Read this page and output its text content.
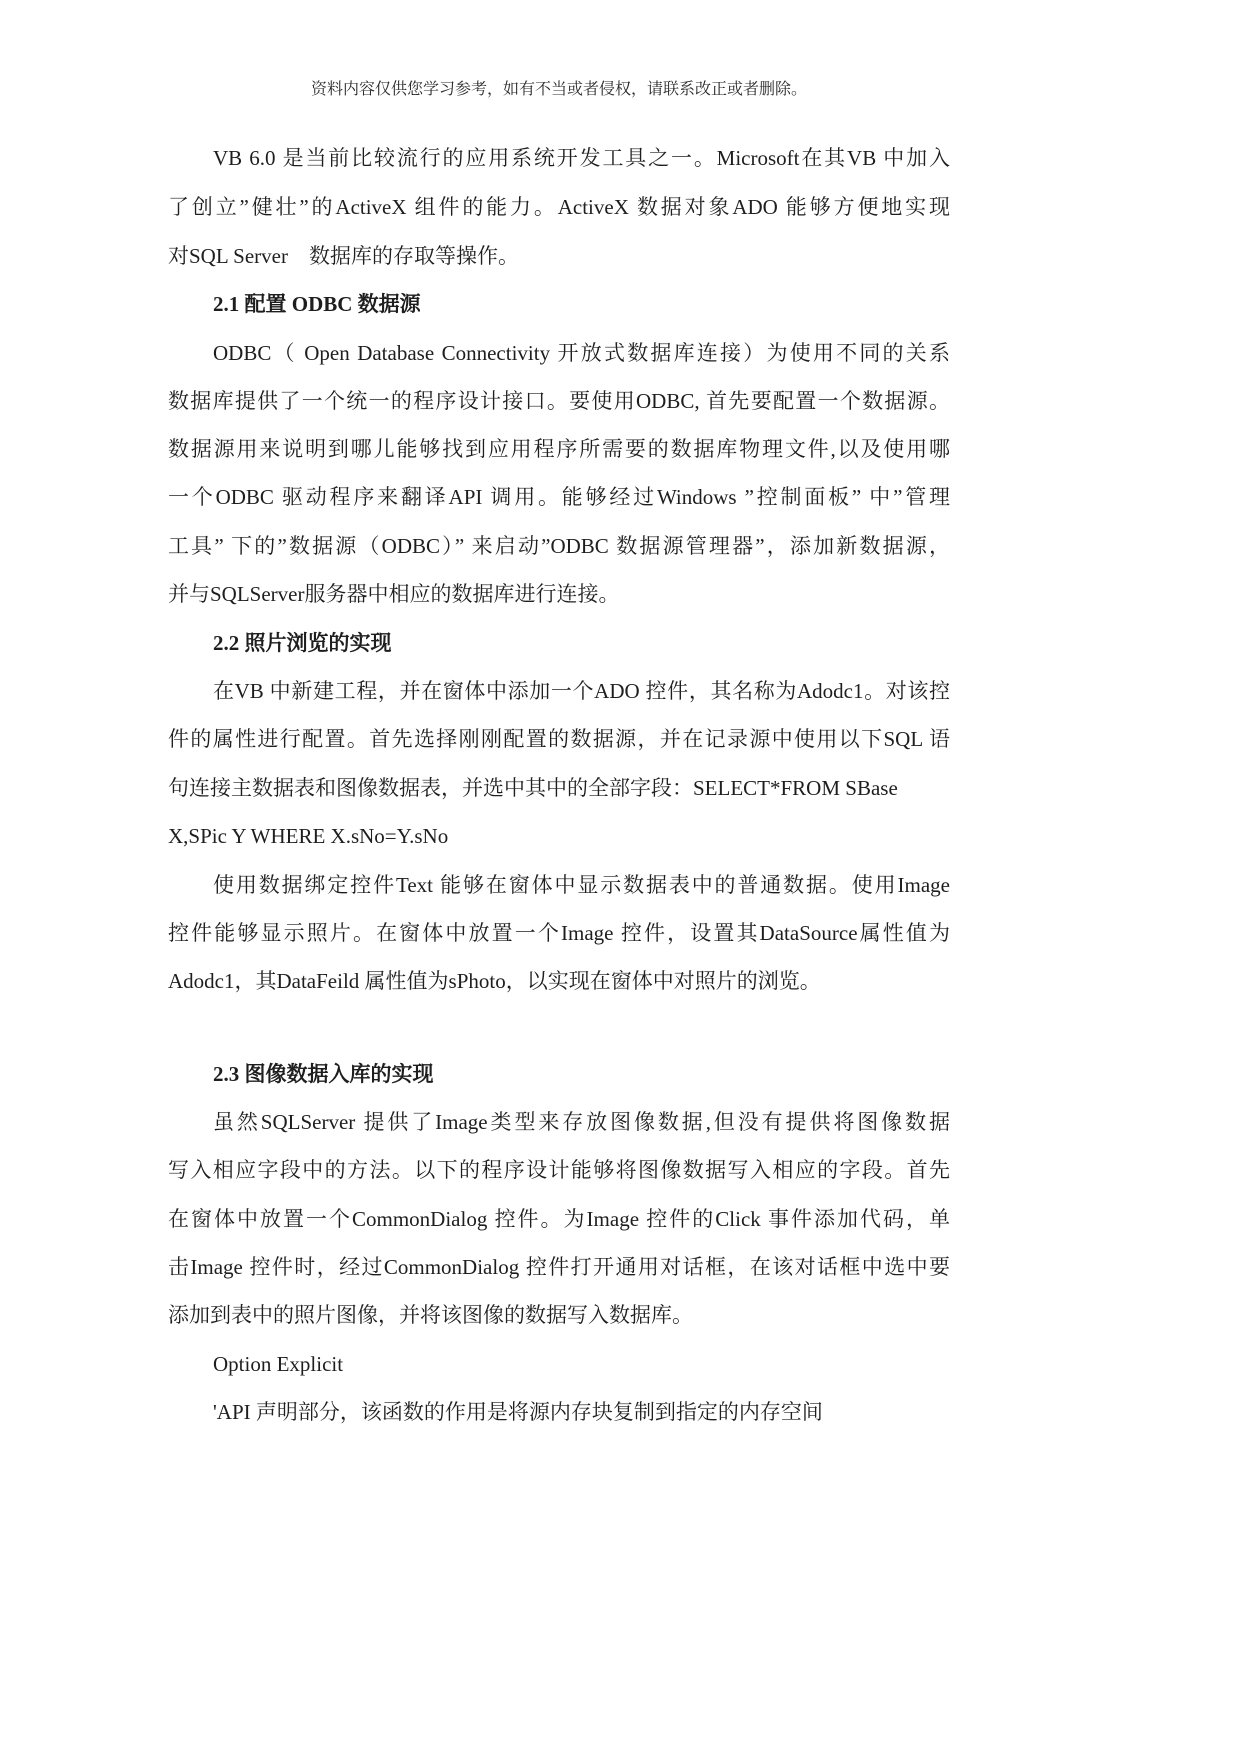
资料内容仅供您学习参考，如有不当或者侵权，请联系改正或者删除。
VB 6.0 是当前比较流行的应用系统开发工具之一。Microsoft在其VB 中加入
了创立”健壮”的ActiveX 组件的能力。ActiveX 数据对象ADO 能够方便地实现
对SQL Server    数据库的存取等操作。
2.1 配置 ODBC 数据源
ODBC（ Open Database Connectivity 开放式数据库连接）为使用不同的关系
数据库提供了一个统一的程序设计接口。要使用ODBC, 首先要配置一个数据源。
数据源用来说明到哪儿能够找到应用程序所需要的数据库物理文件,以及使用哪
一个ODBC 驱动程序来翻译API 调用。能够经过Windows ”控制面板” 中”管理
工具” 下的”数据源（ODBC）” 来启动”ODBC 数据源管理器”，添加新数据源，
并与SQLServer服务器中相应的数据库进行连接。
2.2 照片浏览的实现
在VB 中新建工程，并在窗体中添加一个ADO 控件，其名称为Adodc1。对该控
件的属性进行配置。首先选择刚刚配置的数据源，并在记录源中使用以下SQL 语
句连接主数据表和图像数据表，并选中其中的全部字段：SELECT*FROM SBase
X,SPic Y WHERE X.sNo=Y.sNo
使用数据绑定控件Text 能够在窗体中显示数据表中的普通数据。使用Image
控件能够显示照片。在窗体中放置一个Image 控件，设置其DataSource属性值为
Adodc1，其DataFeild 属性值为sPhoto，以实现在窗体中对照片的浏览。
2.3 图像数据入库的实现
虽然SQLServer 提供了Image类型来存放图像数据,但没有提供将图像数据
写入相应字段中的方法。以下的程序设计能够将图像数据写入相应的字段。首先
在窗体中放置一个CommonDialog 控件。为Image 控件的Click 事件添加代码，单
击Image 控件时，经过CommonDialog 控件打开通用对话框，在该对话框中选中要
添加到表中的照片图像，并将该图像的数据写入数据库。
Option Explicit
'API 声明部分，该函数的作用是将源内存块复制到指定的内存空间
